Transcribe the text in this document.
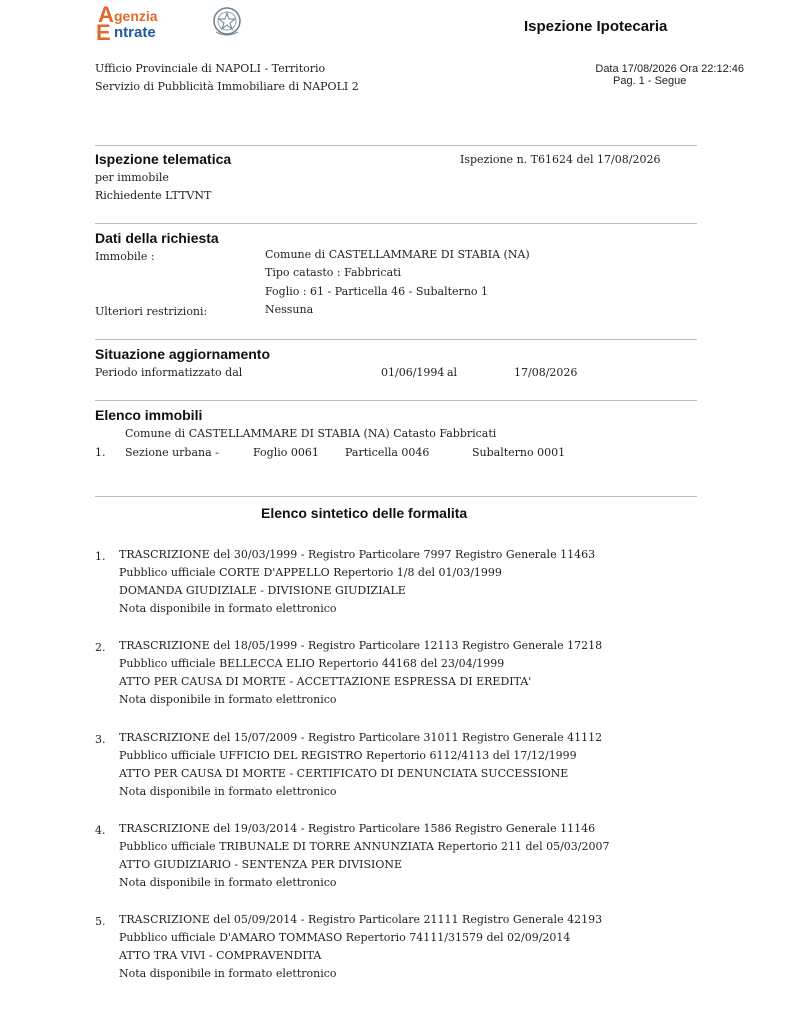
A genzia
E ntrate	Ispezione Ipotecaria
Ufficio Provinciale di NAPOLI - Territorio
Servizio di Pubblicità Immobiliare di NAPOLI 2
Data 17/08/2026 Ora 22:12:46
Pag. 1 - Segue
Ispezione telematica	Ispezione n. T61624 del 17/08/2026
per immobile
Richiedente LTTVNT
Dati della richiesta
Immobile :	Comune di CASTELLAMMARE DI STABIA (NA)
Tipo catasto : Fabbricati
Foglio : 61 - Particella 46 - Subalterno 1
Ulteriori restrizioni:	Nessuna
Situazione aggiornamento
Periodo informatizzato dal	01/06/1994 al	17/08/2026
Elenco immobili
Comune di CASTELLAMMARE DI STABIA (NA) Catasto Fabbricati
1. Sezione urbana -	Foglio 0061 Particella 0046	Subalterno 0001
Elenco sintetico delle formalita
1. TRASCRIZIONE del 30/03/1999 - Registro Particolare 7997 Registro Generale 11463
Pubblico ufficiale CORTE D'APPELLO Repertorio 1/8 del 01/03/1999
DOMANDA GIUDIZIALE - DIVISIONE GIUDIZIALE
Nota disponibile in formato elettronico
2. TRASCRIZIONE del 18/05/1999 - Registro Particolare 12113 Registro Generale 17218
Pubblico ufficiale BELLECCA ELIO Repertorio 44168 del 23/04/1999
ATTO PER CAUSA DI MORTE - ACCETTAZIONE ESPRESSA DI EREDITA'
Nota disponibile in formato elettronico
3. TRASCRIZIONE del 15/07/2009 - Registro Particolare 31011 Registro Generale 41112
Pubblico ufficiale UFFICIO DEL REGISTRO Repertorio 6112/4113 del 17/12/1999
ATTO PER CAUSA DI MORTE - CERTIFICATO DI DENUNCIATA SUCCESSIONE
Nota disponibile in formato elettronico
4. TRASCRIZIONE del 19/03/2014 - Registro Particolare 1586 Registro Generale 11146
Pubblico ufficiale TRIBUNALE DI TORRE ANNUNZIATA Repertorio 211 del 05/03/2007
ATTO GIUDIZIARIO - SENTENZA PER DIVISIONE
Nota disponibile in formato elettronico
5. TRASCRIZIONE del 05/09/2014 - Registro Particolare 21111 Registro Generale 42193
Pubblico ufficiale D'AMARO TOMMASO Repertorio 74111/31579 del 02/09/2014
ATTO TRA VIVI - COMPRAVENDITA
Nota disponibile in formato elettronico
